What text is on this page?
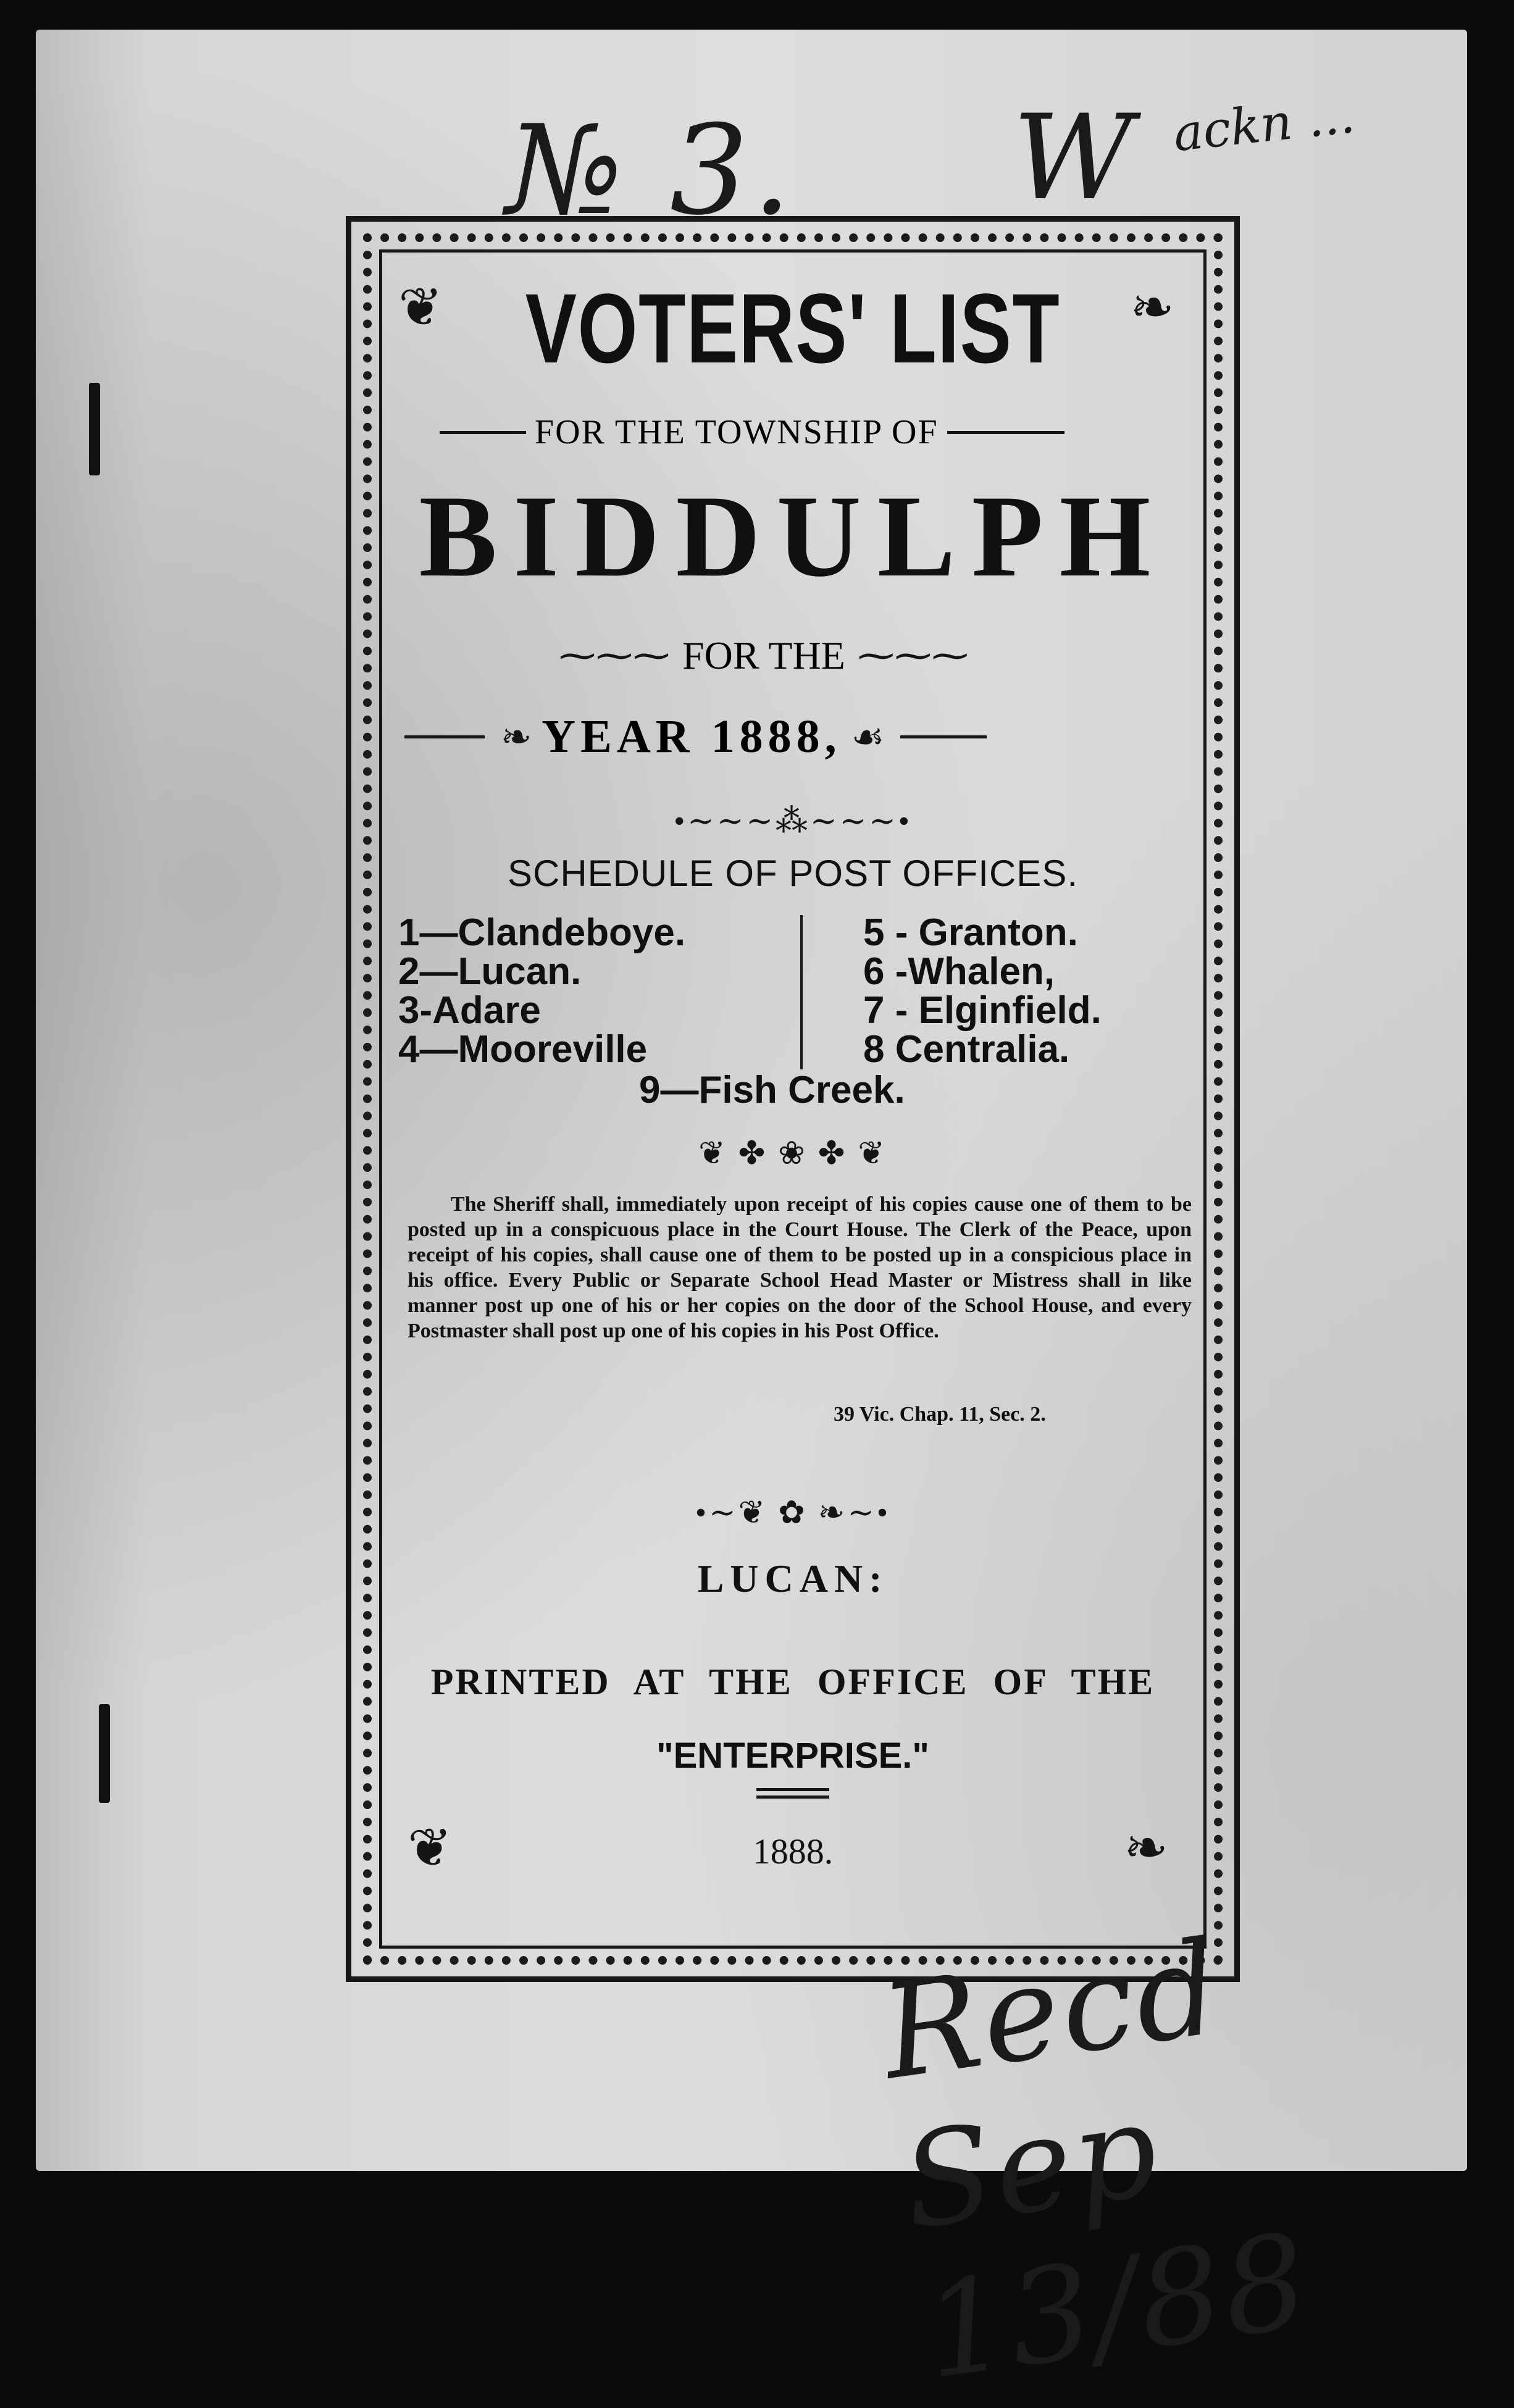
№ 3. W ackn ...
❦	❧
❦	❧
VOTERS' LIST
FOR THE TOWNSHIP OF
BIDDULPH
⁓⁓⁓ FOR THE ⁓⁓⁓
❧ YEAR 1888, ☙
•∼∼∼⁂∼∼∼•
SCHEDULE OF POST OFFICES.
1—Clandeboye.
2—Lucan.
3-Adare
4—Mooreville
5 - Granton.
6 -Whalen,
7 - Elginfield.
8 Centralia.
9—Fish Creek.
❦ ✤ ❀ ✤ ❦
The Sheriff shall, immediately upon receipt of his copies cause one of them to be posted up in a conspicuous place in the Court House. The Clerk of the Peace, upon receipt of his copies, shall cause one of them to be posted up in a conspicious place in his office. Every Public or Separate School Head Master or Mistress shall in like manner post up one of his or her copies on the door of the School House, and every Postmaster shall post up one of his copies in his Post Office.
39 Vic. Chap. 11, Sec. 2.
•∼❦ ✿ ❧∼•
LUCAN:
PRINTED AT THE OFFICE OF THE
"ENTERPRISE."
1888.
Recd Sep 13/88
